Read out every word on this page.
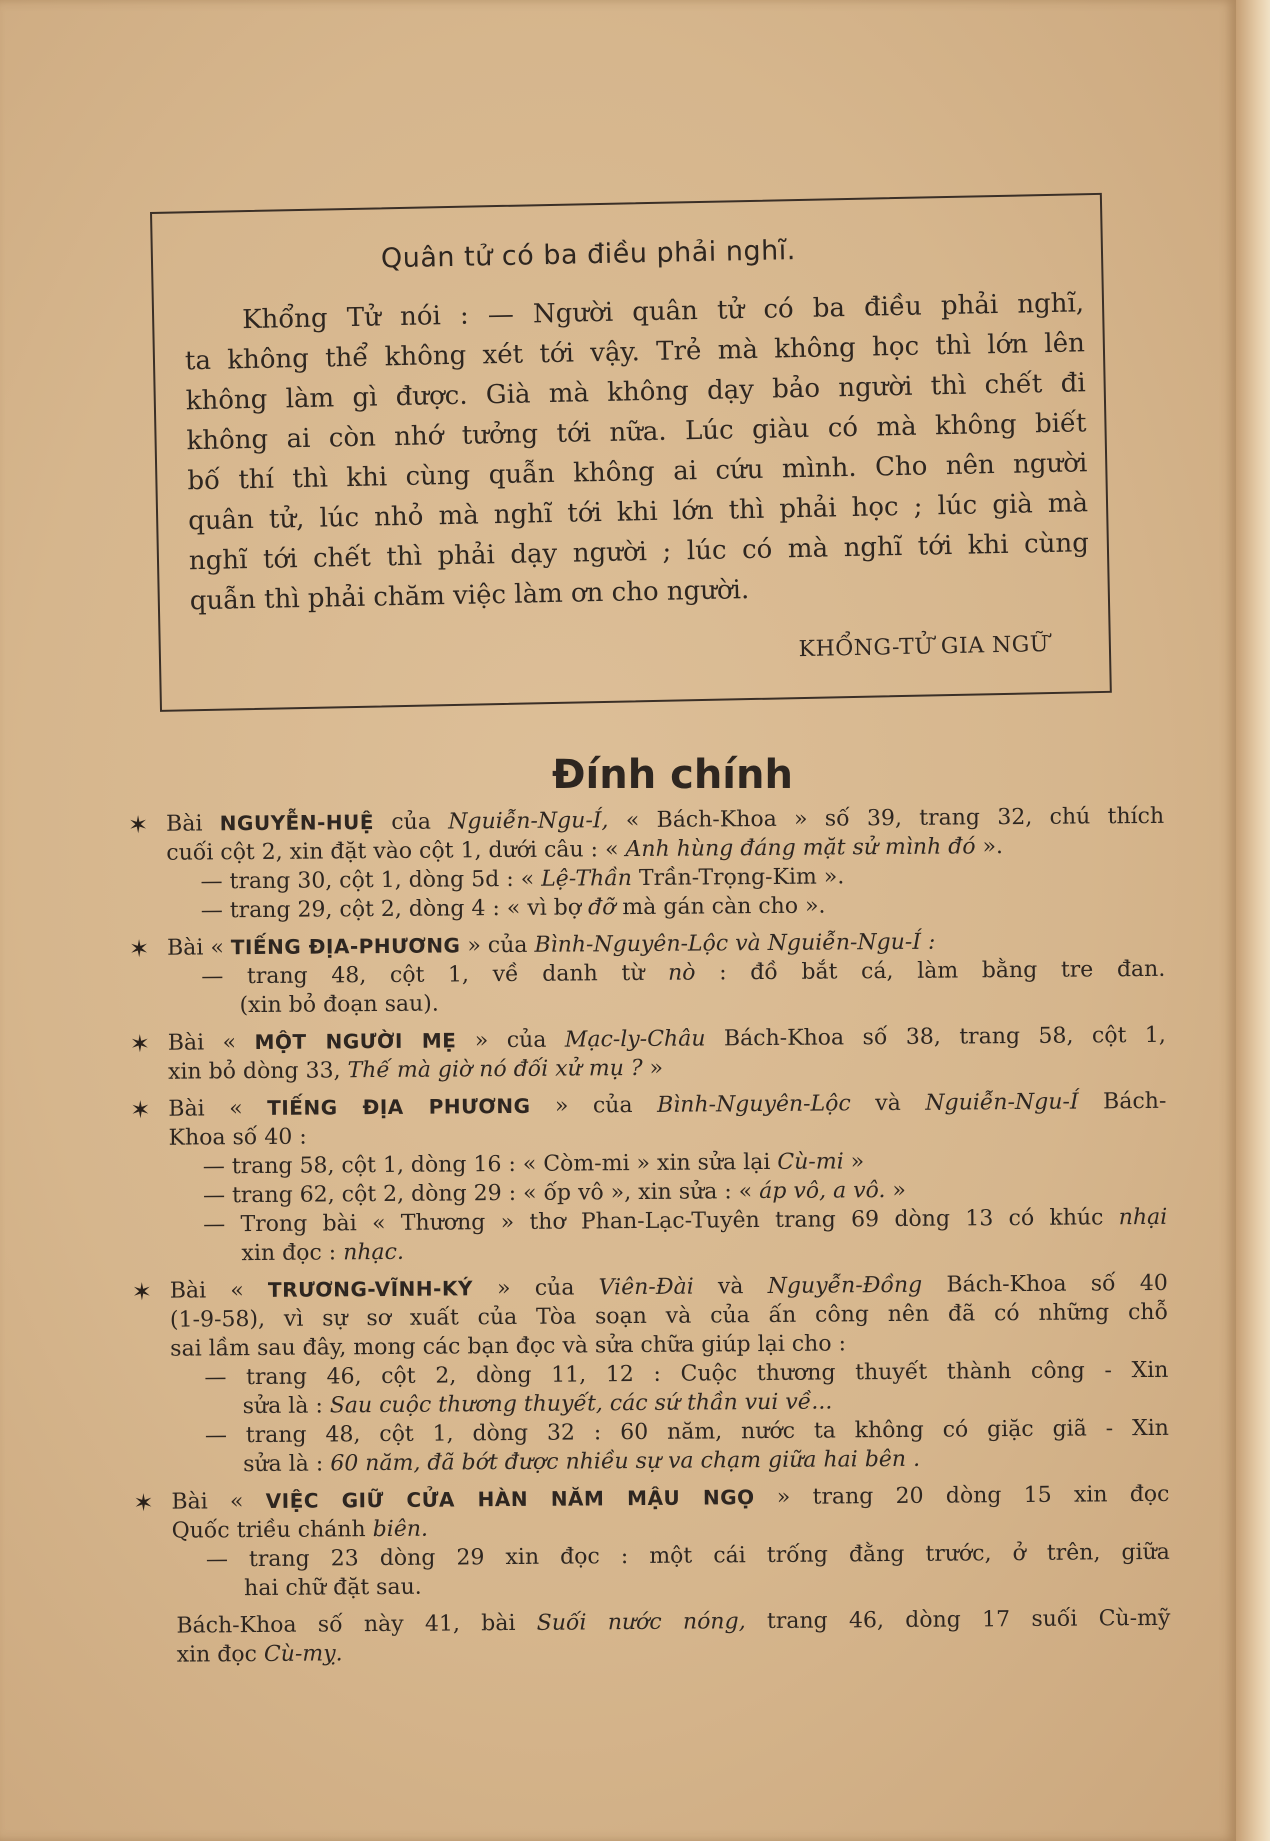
Quân tử có ba điều phải nghĩ.
Khổng Tử nói : — Người quân tử có ba điều phải nghĩ,
ta không thể không xét tới vậy. Trẻ mà không học thì lớn lên
không làm gì được. Già mà không dạy bảo người thì chết đi
không ai còn nhớ tưởng tới nữa. Lúc giàu có mà không biết
bố thí thì khi cùng quẫn không ai cứu mình. Cho nên người
quân tử, lúc nhỏ mà nghĩ tới khi lớn thì phải học ; lúc già mà
nghĩ tới chết thì phải dạy người ; lúc có mà nghĩ tới khi cùng
quẫn thì phải chăm việc làm ơn cho người.
KHỔNG-TỬ GIA NGỮ
Đính chính
✶ Bài NGUYỄN-HUỆ của Nguiễn-Ngu-Í, « Bách-Khoa » số 39, trang 32, chú thích
cuối cột 2, xin đặt vào cột 1, dưới câu : « Anh hùng đáng mặt sử mình đó ».
— trang 30, cột 1, dòng 5d : « Lệ-Thần Trần-Trọng-Kim ».
— trang 29, cột 2, dòng 4 : « vì bợ đỡ mà gán càn cho ».
✶ Bài « TIẾNG ĐỊA-PHƯƠNG » của Bình-Nguyên-Lộc và Nguiễn-Ngu-Í :
— trang 48, cột 1, về danh từ nò : đồ bắt cá, làm bằng tre đan.
(xin bỏ đoạn sau).
✶ Bài « MỘT NGƯỜI MẸ » của Mạc-ly-Châu Bách-Khoa số 38, trang 58, cột 1,
xin bỏ dòng 33, Thế mà giờ nó đối xử mụ ? »
✶ Bài « TIẾNG ĐỊA PHƯƠNG » của Bình-Nguyên-Lộc và Nguiễn-Ngu-Í Bách-
Khoa số 40 :
— trang 58, cột 1, dòng 16 : « Còm-mi » xin sửa lại Cù-mi »
— trang 62, cột 2, dòng 29 : « ốp vô », xin sửa : « áp vô, a vô. »
— Trong bài « Thương » thơ Phan-Lạc-Tuyên trang 69 dòng 13 có khúc nhại
xin đọc : nhạc.
✶ Bài « TRƯƠNG-VĨNH-KÝ » của Viên-Đài và Nguyễn-Đồng Bách-Khoa số 40
(1-9-58), vì sự sơ xuất của Tòa soạn và của ấn công nên đã có những chỗ
sai lầm sau đây, mong các bạn đọc và sửa chữa giúp lại cho :
— trang 46, cột 2, dòng 11, 12 : Cuộc thương thuyết thành công - Xin
sửa là : Sau cuộc thương thuyết, các sứ thần vui về...
— trang 48, cột 1, dòng 32 : 60 năm, nước ta không có giặc giã - Xin
sửa là : 60 năm, đã bớt được nhiều sự va chạm giữa hai bên .
✶ Bài « VIỆC GIỮ CỬA HÀN NĂM MẬU NGỌ » trang 20 dòng 15 xin đọc
Quốc triều chánh biên.
— trang 23 dòng 29 xin đọc : một cái trống đằng trước, ở trên, giữa
hai chữ đặt sau.
Bách-Khoa số này 41, bài Suối nước nóng, trang 46, dòng 17 suối Cù-mỹ
xin đọc Cù-mỵ.
